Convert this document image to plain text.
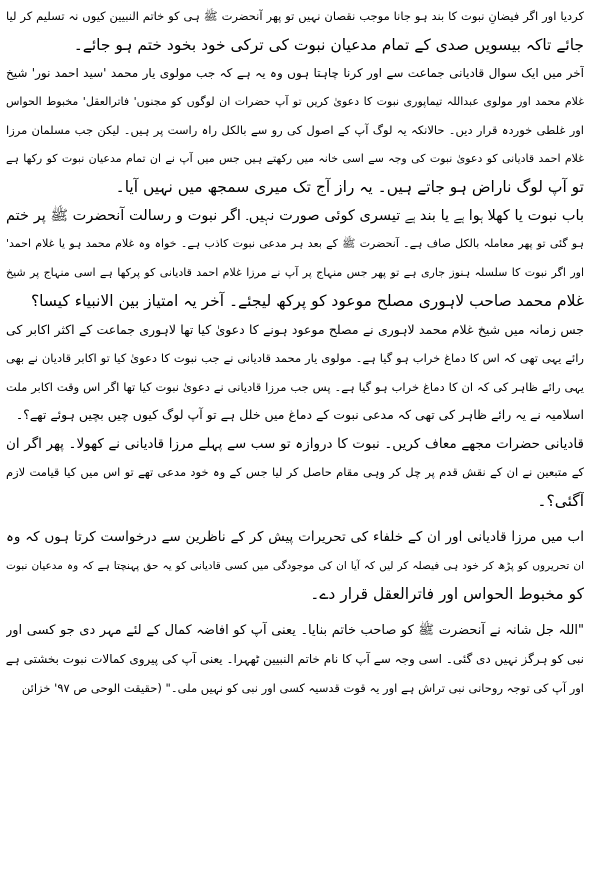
کردیا اور اگر فیضانِ نبوت کا بند ہو جانا موجب نقصان نہیں تو پھر آنحضرت ﷺ ہی کو خاتم النبیین کیوں نہ تسلیم کر لیا
جائے تاکہ بیسویں صدی کے تمام مدعیان نبوت کی ترکی خود بخود ختم ہو جائے۔
آخر میں ایک سوال قادیانی جماعت سے اور کرنا چاہتا ہوں وہ یہ ہے کہ جب مولوی یار محمد 'سید احمد نور' شیخ
غلام محمد اور مولوی عبداللہ تیماپوری نبوت کا دعویٰ کریں تو آپ حضرات ان لوگوں کو مجنوں' فاترالعقل' مخبوط الحواس
اور غلطی خوردہ قرار دیں۔ حالانکہ یہ لوگ آپ کے اصول کی رو سے بالکل راہ راست پر ہیں۔ لیکن جب مسلمان مرزا
غلام احمد قادیانی کو دعویٰ نبوت کی وجہ سے اسی خانہ میں رکھتے ہیں جس میں آپ نے ان تمام مدعیان نبوت کو رکھا ہے
تو آپ لوگ ناراض ہو جاتے ہیں۔ یہ راز آج تک میری سمجھ میں نہیں آیا۔
باب نبوت یا کھلا ہوا ہے یا بند ہے تیسری کوئی صورت نہیں۔ اگر نبوت و رسالت آنحضرت ﷺ پر ختم
ہو گئی تو پھر معاملہ بالکل صاف ہے۔ آنحضرت ﷺ کے بعد ہر مدعی نبوت کاذب ہے۔ خواہ وہ غلام محمد ہو یا غلام احمد'
اور اگر نبوت کا سلسلہ ہنوز جاری ہے تو پھر جس منہاج پر آپ نے مرزا غلام احمد قادیانی کو پرکھا ہے اسی منہاج پر شیخ
غلام محمد صاحب لاہوری مصلح موعود کو پرکھ لیجئے۔ آخر یہ امتیاز بین الانبیاء کیسا؟
جس زمانہ میں شیخ غلام محمد لاہوری نے مصلح موعود ہونے کا دعویٰ کیا تھا لاہوری جماعت کے اکثر اکابر کی
رائے یہی تھی کہ اس کا دماغ خراب ہو گیا ہے۔ مولوی یار محمد قادیانی نے جب نبوت کا دعویٰ کیا تو اکابر قادیان نے بھی
یہی رائے ظاہر کی کہ ان کا دماغ خراب ہو گیا ہے۔ پس جب مرزا قادیانی نے دعویٰ نبوت کیا تھا اگر اس وقت اکابر ملت
اسلامیہ نے یہ رائے ظاہر کی تھی کہ مدعی نبوت کے دماغ میں خلل ہے تو آپ لوگ کیوں چیں بچیں ہوئے تھے؟۔
قادیانی حضرات مجھے معاف کریں۔ نبوت کا دروازہ تو سب سے پہلے مرزا قادیانی نے کھولا۔ پھر اگر ان
کے متبعین نے ان کے نقش قدم پر چل کر وہی مقام حاصل کر لیا جس کے وہ خود مدعی تھے تو اس میں کیا قیامت لازم
آگئی؟۔
اب میں مرزا قادیانی اور ان کے خلفاء کی تحریرات پیش کر کے ناظرین سے درخواست کرتا ہوں کہ وہ
ان تحریروں کو پڑھ کر خود ہی فیصلہ کر لیں کہ آیا ان کی موجودگی میں کسی قادیانی کو یہ حق پہنچتا ہے کہ وہ مدعیان نبوت
کو مخبوط الحواس اور فاترالعقل قرار دے۔
"اللہ جل شانہ نے آنحضرت ﷺ کو صاحب خاتم بنایا۔ یعنی آپ کو افاضہ کمال کے لئے مہر دی جو کسی اور
نبی کو ہرگز نہیں دی گئی۔ اسی وجہ سے آپ کا نام خاتم النبیین ٹھہرا۔ یعنی آپ کی پیروی کمالات نبوت بخشتی ہے
اور آپ کی توجہ روحانی نبی تراش ہے اور یہ قوت قدسیہ کسی اور نبی کو نہیں ملی۔" (حقیقت الوحی ص ۹۷' خزائن
